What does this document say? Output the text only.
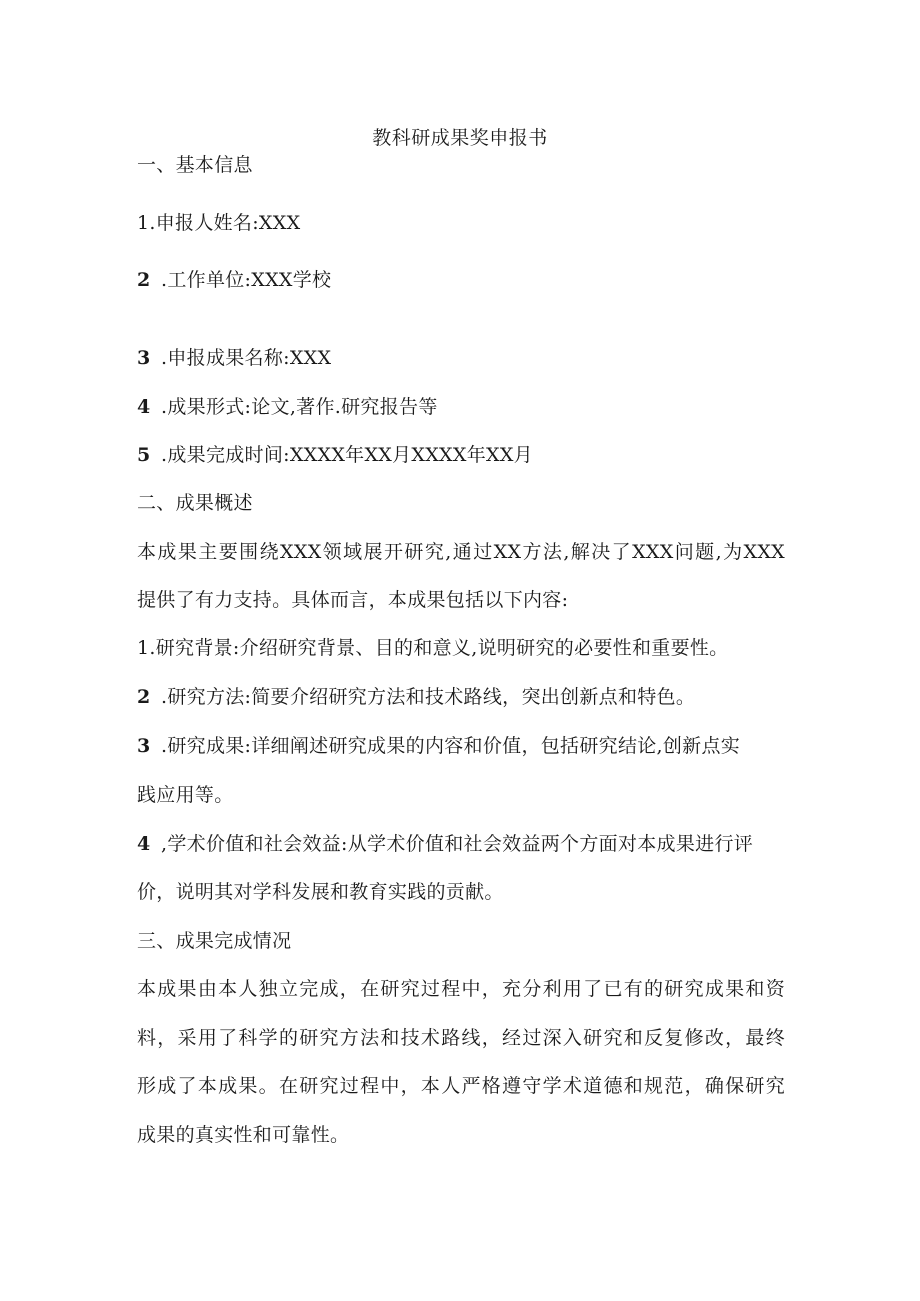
教科研成果奖申报书
一、基本信息
1.申报人姓名:XXX
2 .工作单位:XXX学校
3 .申报成果名称:XXX
4 .成果形式:论文,著作.研究报告等
5 .成果完成时间:XXXX年XX月XXXX年XX月
二、成果概述
本成果主要围绕XXX领域展开研究,通过XX方法,解决了XXX问题,为XXX
提供了有力支持。具体而言，本成果包括以下内容:
1.研究背景:介绍研究背景、目的和意义,说明研究的必要性和重要性。
2 .研究方法:简要介绍研究方法和技术路线，突出创新点和特色。
3 .研究成果:详细阐述研究成果的内容和价值，包括研究结论,创新点实
践应用等。
4 ,学术价值和社会效益:从学术价值和社会效益两个方面对本成果进行评
价，说明其对学科发展和教育实践的贡献。
三、成果完成情况
本成果由本人独立完成，在研究过程中，充分利用了已有的研究成果和资
料，采用了科学的研究方法和技术路线，经过深入研究和反复修改，最终
形成了本成果。在研究过程中，本人严格遵守学术道德和规范，确保研究
成果的真实性和可靠性。
